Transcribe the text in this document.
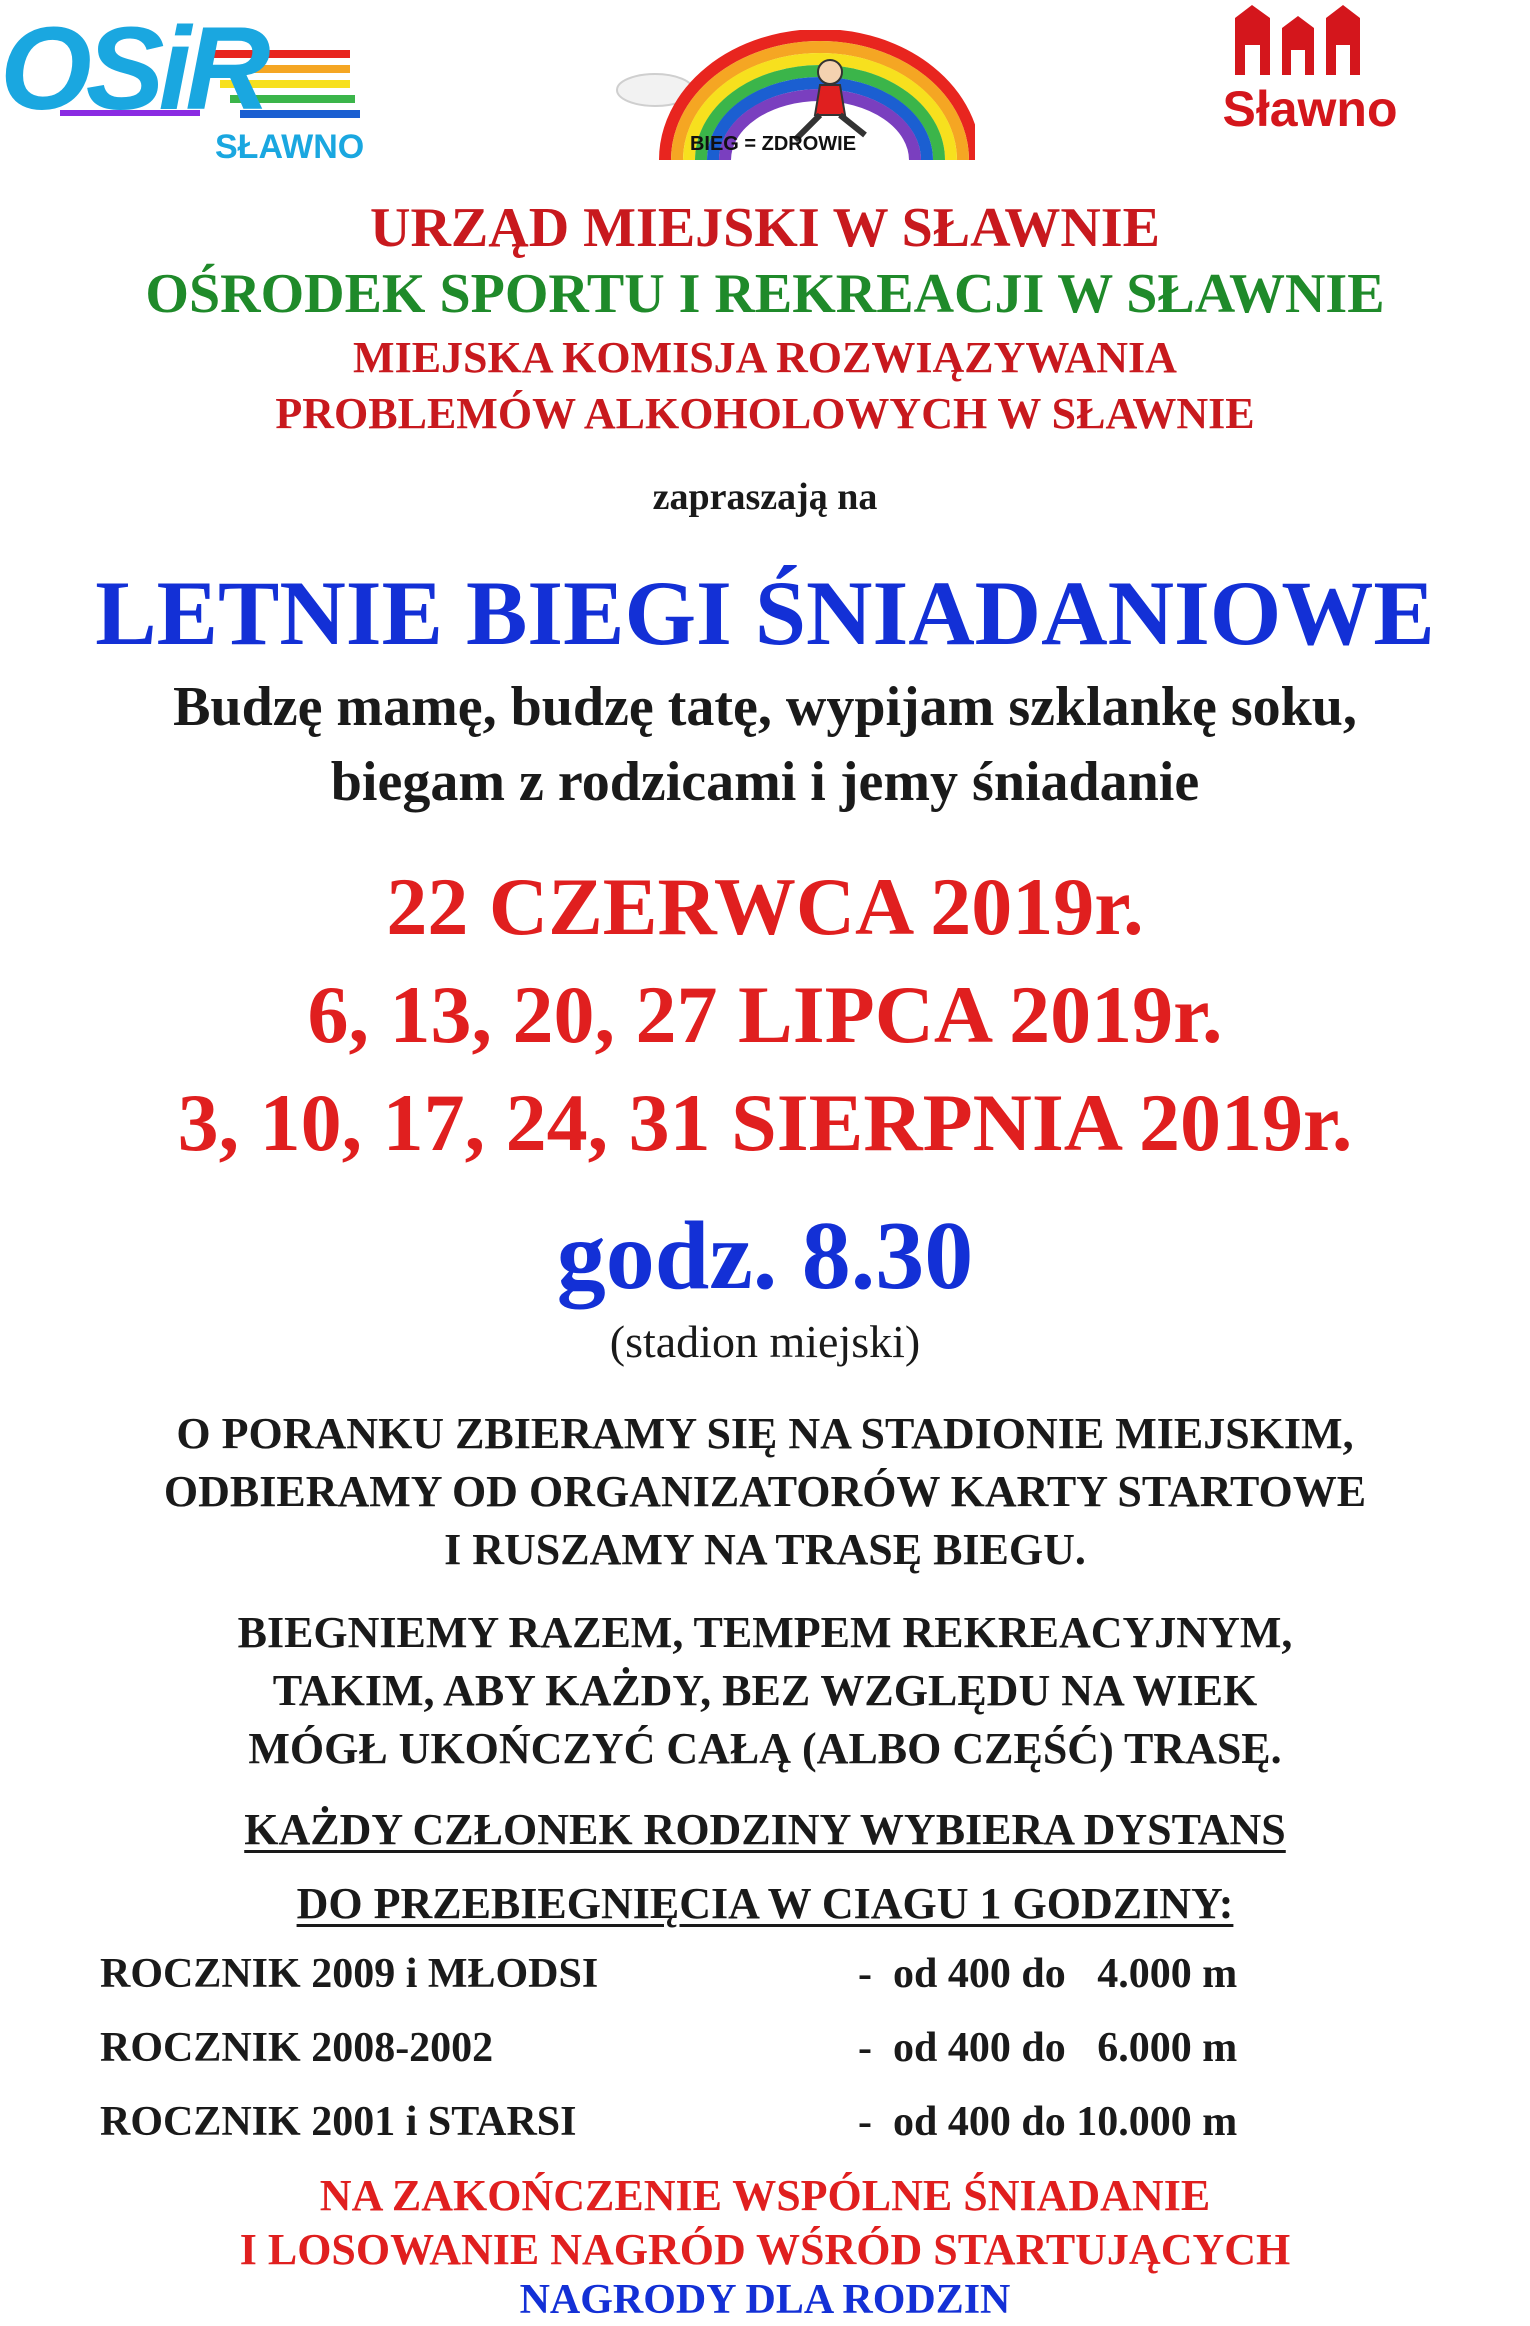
OSiR
SŁAWNO	BIEG = ZDROWIE
Sławno
URZĄD MIEJSKI W SŁAWNIE
OŚRODEK SPORTU I REKREACJI W SŁAWNIE
MIEJSKA KOMISJA ROZWIĄZYWANIA
PROBLEMÓW ALKOHOLOWYCH W SŁAWNIE
zapraszają na
LETNIE BIEGI ŚNIADANIOWE
Budzę mamę, budzę tatę, wypijam szklankę soku,
biegam z rodzicami i jemy śniadanie
22 CZERWCA 2019r.
6, 13, 20, 27 LIPCA 2019r.
3, 10, 17, 24, 31 SIERPNIA 2019r.
godz. 8.30
(stadion miejski)
O PORANKU ZBIERAMY SIĘ NA STADIONIE MIEJSKIM,
ODBIERAMY OD ORGANIZATORÓW KARTY STARTOWE
I RUSZAMY NA TRASĘ BIEGU.
BIEGNIEMY RAZEM, TEMPEM REKREACYJNYM,
TAKIM, ABY KAŻDY, BEZ WZGLĘDU NA WIEK
MÓGŁ UKOŃCZYĆ CAŁĄ (ALBO CZĘŚĆ) TRASĘ.
KAŻDY CZŁONEK RODZINY WYBIERA DYSTANS
DO PRZEBIEGNIĘCIA W CIAGU 1 GODZINY:
ROCZNIK 2009 i MŁODSI	-  od 400 do   4.000 m
ROCZNIK 2008-2002	-  od 400 do   6.000 m
ROCZNIK 2001 i STARSI	-  od 400 do 10.000 m
NA ZAKOŃCZENIE WSPÓLNE ŚNIADANIE
I LOSOWANIE NAGRÓD WŚRÓD STARTUJĄCYCH
NAGRODY DLA RODZIN
